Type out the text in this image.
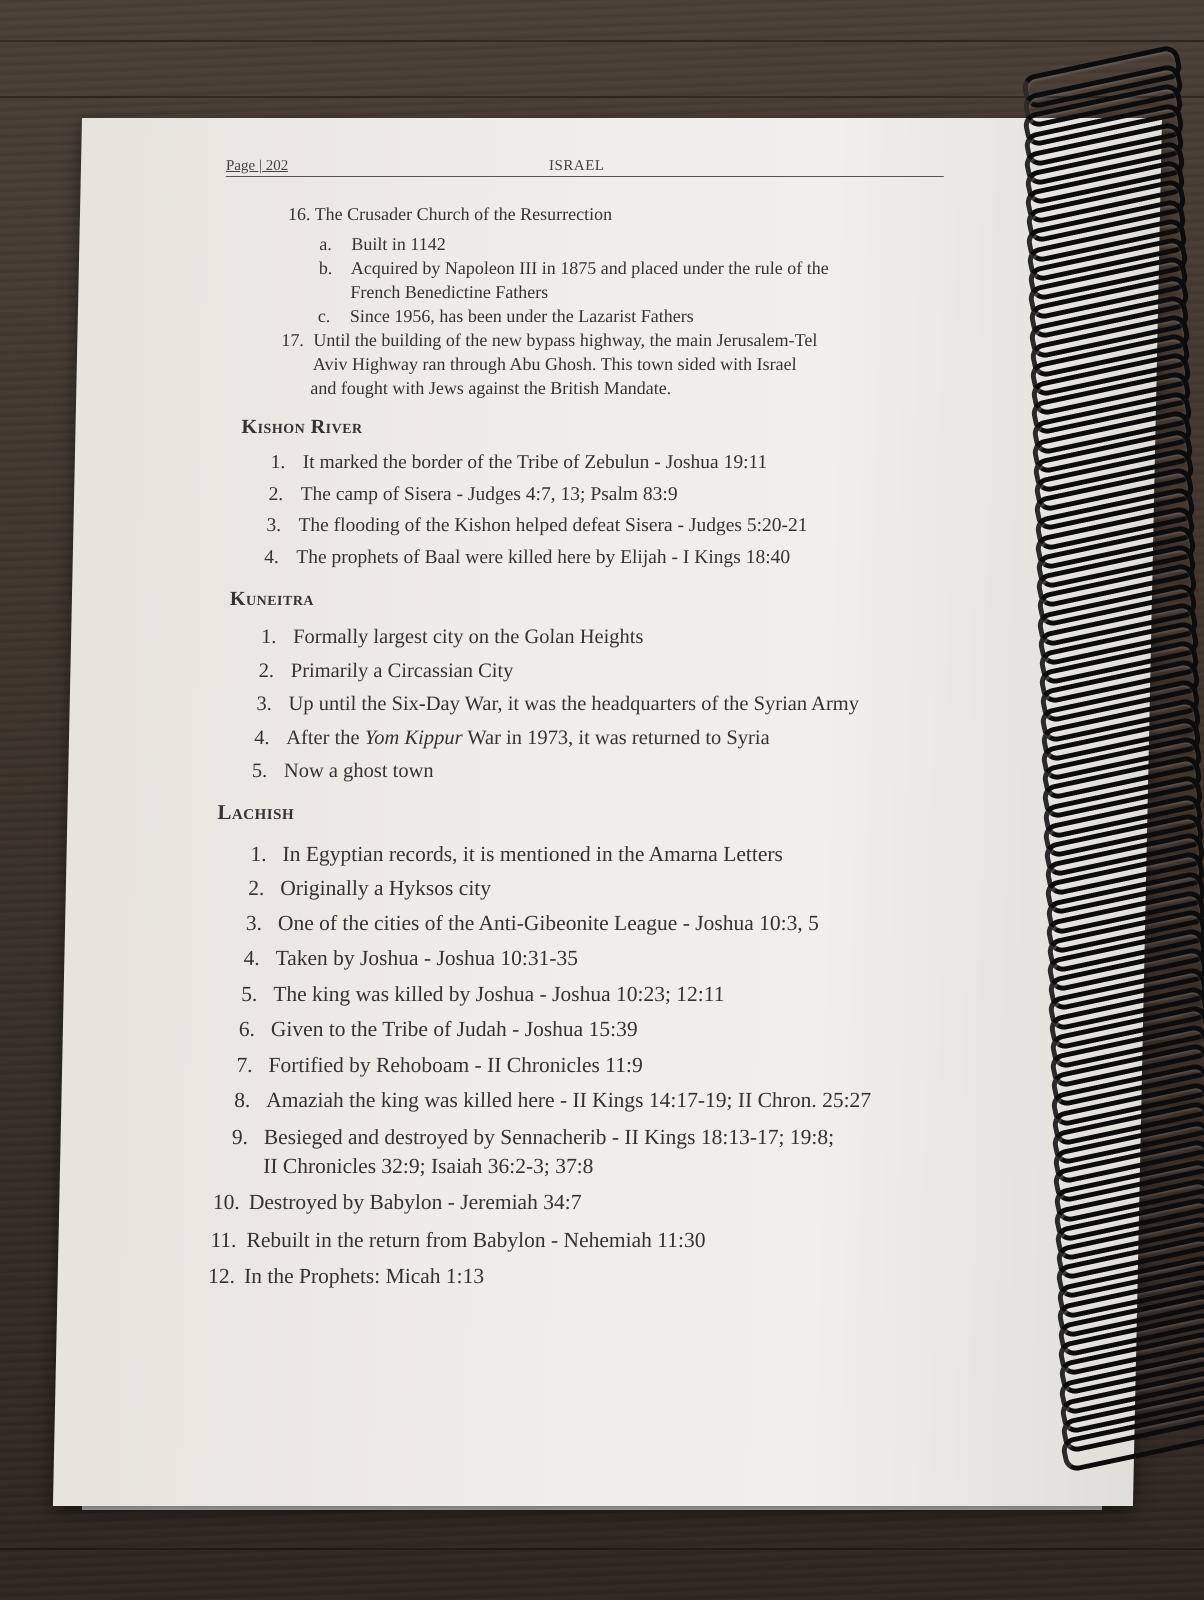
Page | 202	ISRAEL
16. The Crusader Church of the Resurrection
a. Built in 1142
b. Acquired by Napoleon III in 1875 and placed under the rule of the
French Benedictine Fathers
c. Since 1956, has been under the Lazarist Fathers
17. Until the building of the new bypass highway, the main Jerusalem-Tel
Aviv Highway ran through Abu Ghosh. This town sided with Israel
and fought with Jews against the British Mandate.
Kishon River
1. It marked the border of the Tribe of Zebulun - Joshua 19:11
2. The camp of Sisera - Judges 4:7, 13; Psalm 83:9
3. The flooding of the Kishon helped defeat Sisera - Judges 5:20-21
4. The prophets of Baal were killed here by Elijah - I Kings 18:40
Kuneitra
1. Formally largest city on the Golan Heights
2. Primarily a Circassian City
3. Up until the Six-Day War, it was the headquarters of the Syrian Army
4. After the Yom Kippur War in 1973, it was returned to Syria
5. Now a ghost town
Lachish
1. In Egyptian records, it is mentioned in the Amarna Letters
2. Originally a Hyksos city
3. One of the cities of the Anti-Gibeonite League - Joshua 10:3, 5
4. Taken by Joshua - Joshua 10:31-35
5. The king was killed by Joshua - Joshua 10:23; 12:11
6. Given to the Tribe of Judah - Joshua 15:39
7. Fortified by Rehoboam - II Chronicles 11:9
8. Amaziah the king was killed here - II Kings 14:17-19; II Chron. 25:27
9. Besieged and destroyed by Sennacherib - II Kings 18:13-17; 19:8;
II Chronicles 32:9; Isaiah 36:2-3; 37:8
10. Destroyed by Babylon - Jeremiah 34:7
11. Rebuilt in the return from Babylon - Nehemiah 11:30
12. In the Prophets: Micah 1:13
